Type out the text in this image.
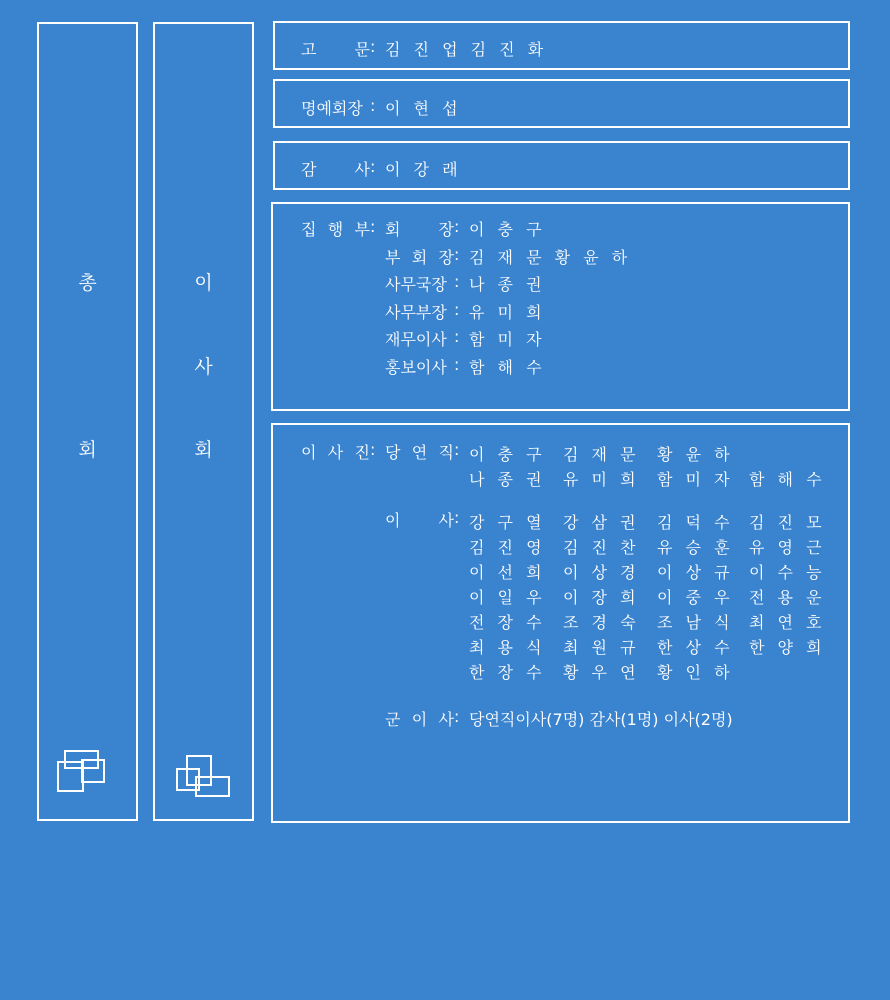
총
회
이
사
회
고　문 : 김 진 업 김 진 화
명예회장 : 이 현 섭
감　사 : 이 강 래
집 행 부 : 회　장 : 이 충 구
부 회 장 : 김 재 문 황 윤 하
사무국장 : 나 종 권
사무부장 : 유 미 희
재무이사 : 함 미 자
홍보이사 : 함 해 수
이 사 진 : 당 연 직 : 이 충 구 김 재 문 황 윤 하
나 종 권 유 미 희 함 미 자 함 해 수
이　사 : 강 구 열 강 삼 권 김 덕 수 김 진 모
김 진 영 김 진 찬 유 승 훈 유 영 근
이 선 희 이 상 경 이 상 규 이 수 능
이 일 우 이 장 희 이 중 우 전 용 운
전 장 수 조 경 숙 조 남 식 최 연 호
최 용 식 최 원 규 한 상 수 한 양 희
한 장 수 황 우 연 황 인 하
군 이 사 : 당연직이사(7명) 감사(1명) 이사(2명)
